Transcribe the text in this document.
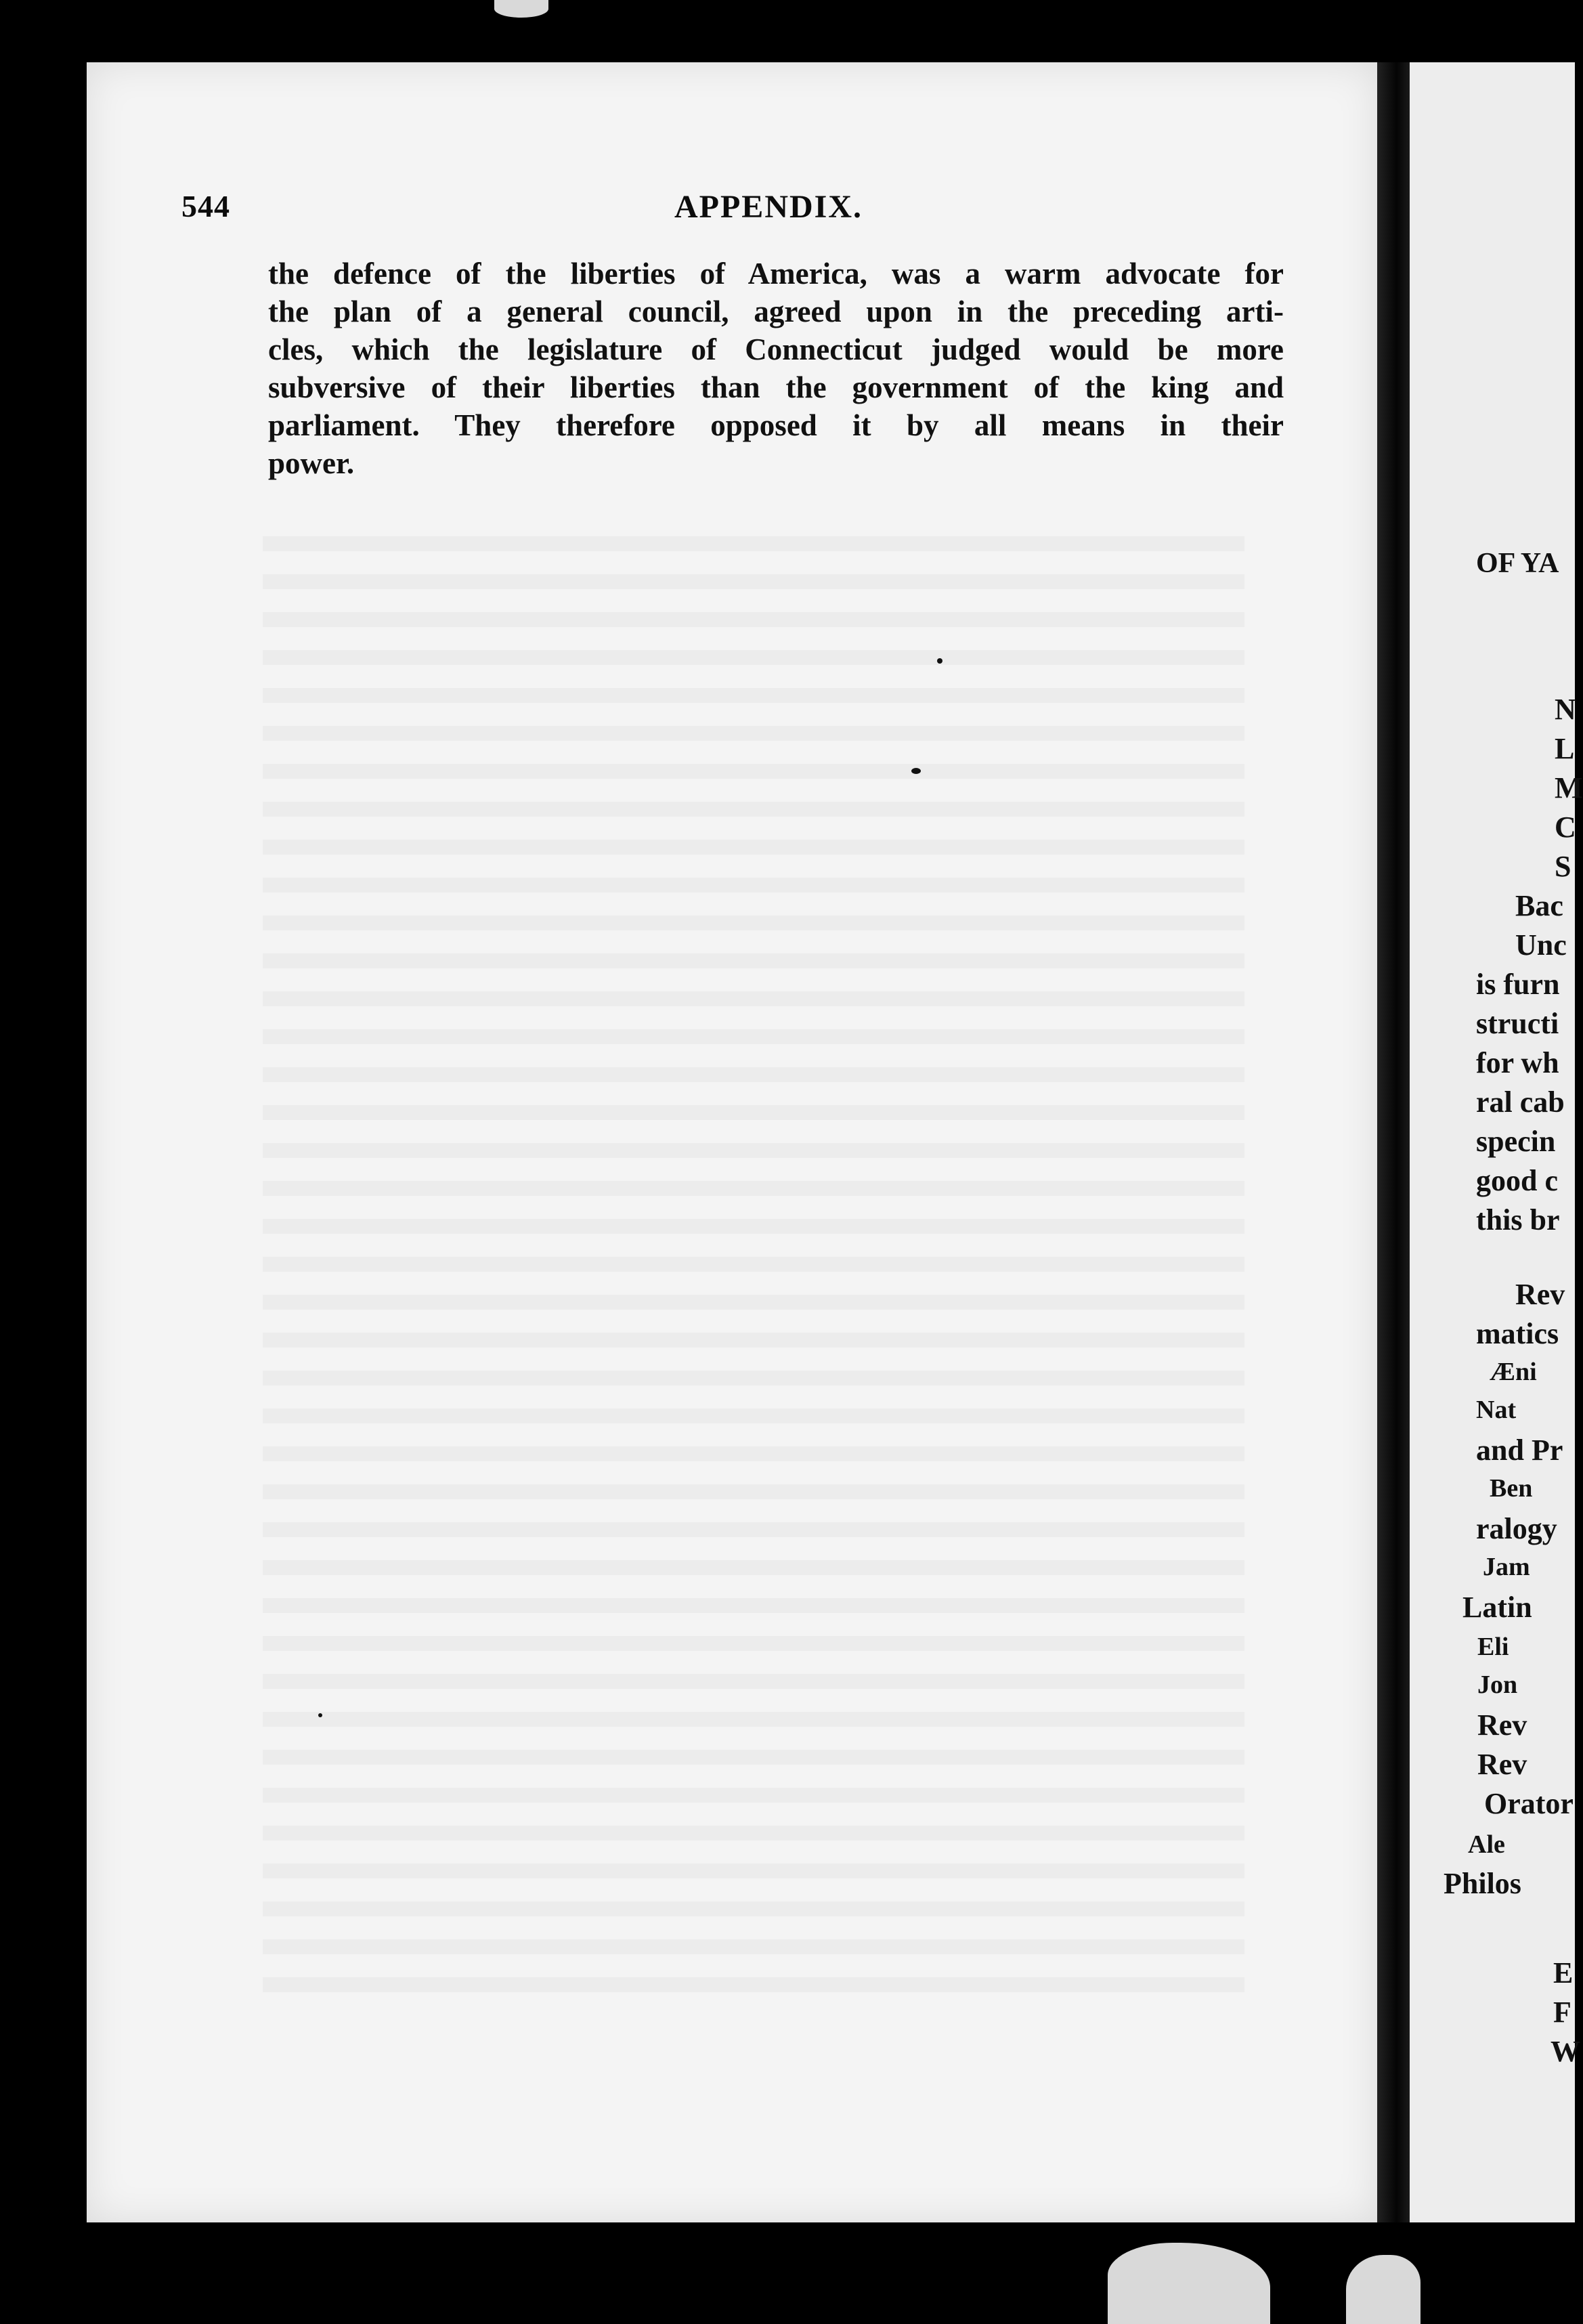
544	APPENDIX.
the defence of the liberties of America, was a warm advocate for
the plan of a general council, agreed upon in the preceding arti-
cles, which the legislature of Connecticut judged would be more
subversive of their liberties than the government of the king and
parliament. They therefore opposed it by all means in their
power.
OF YA
N
L
M
C
S
Bac
Unc
is furn
structi
for wh
ral cab
specin
good c
this br
Rev
matics
Æni
Nat
and Pr
Ben
ralogy
Jam
Latin
Eli
Jon
Rev
Rev
Orator
Ale
Philos
E
F
W
